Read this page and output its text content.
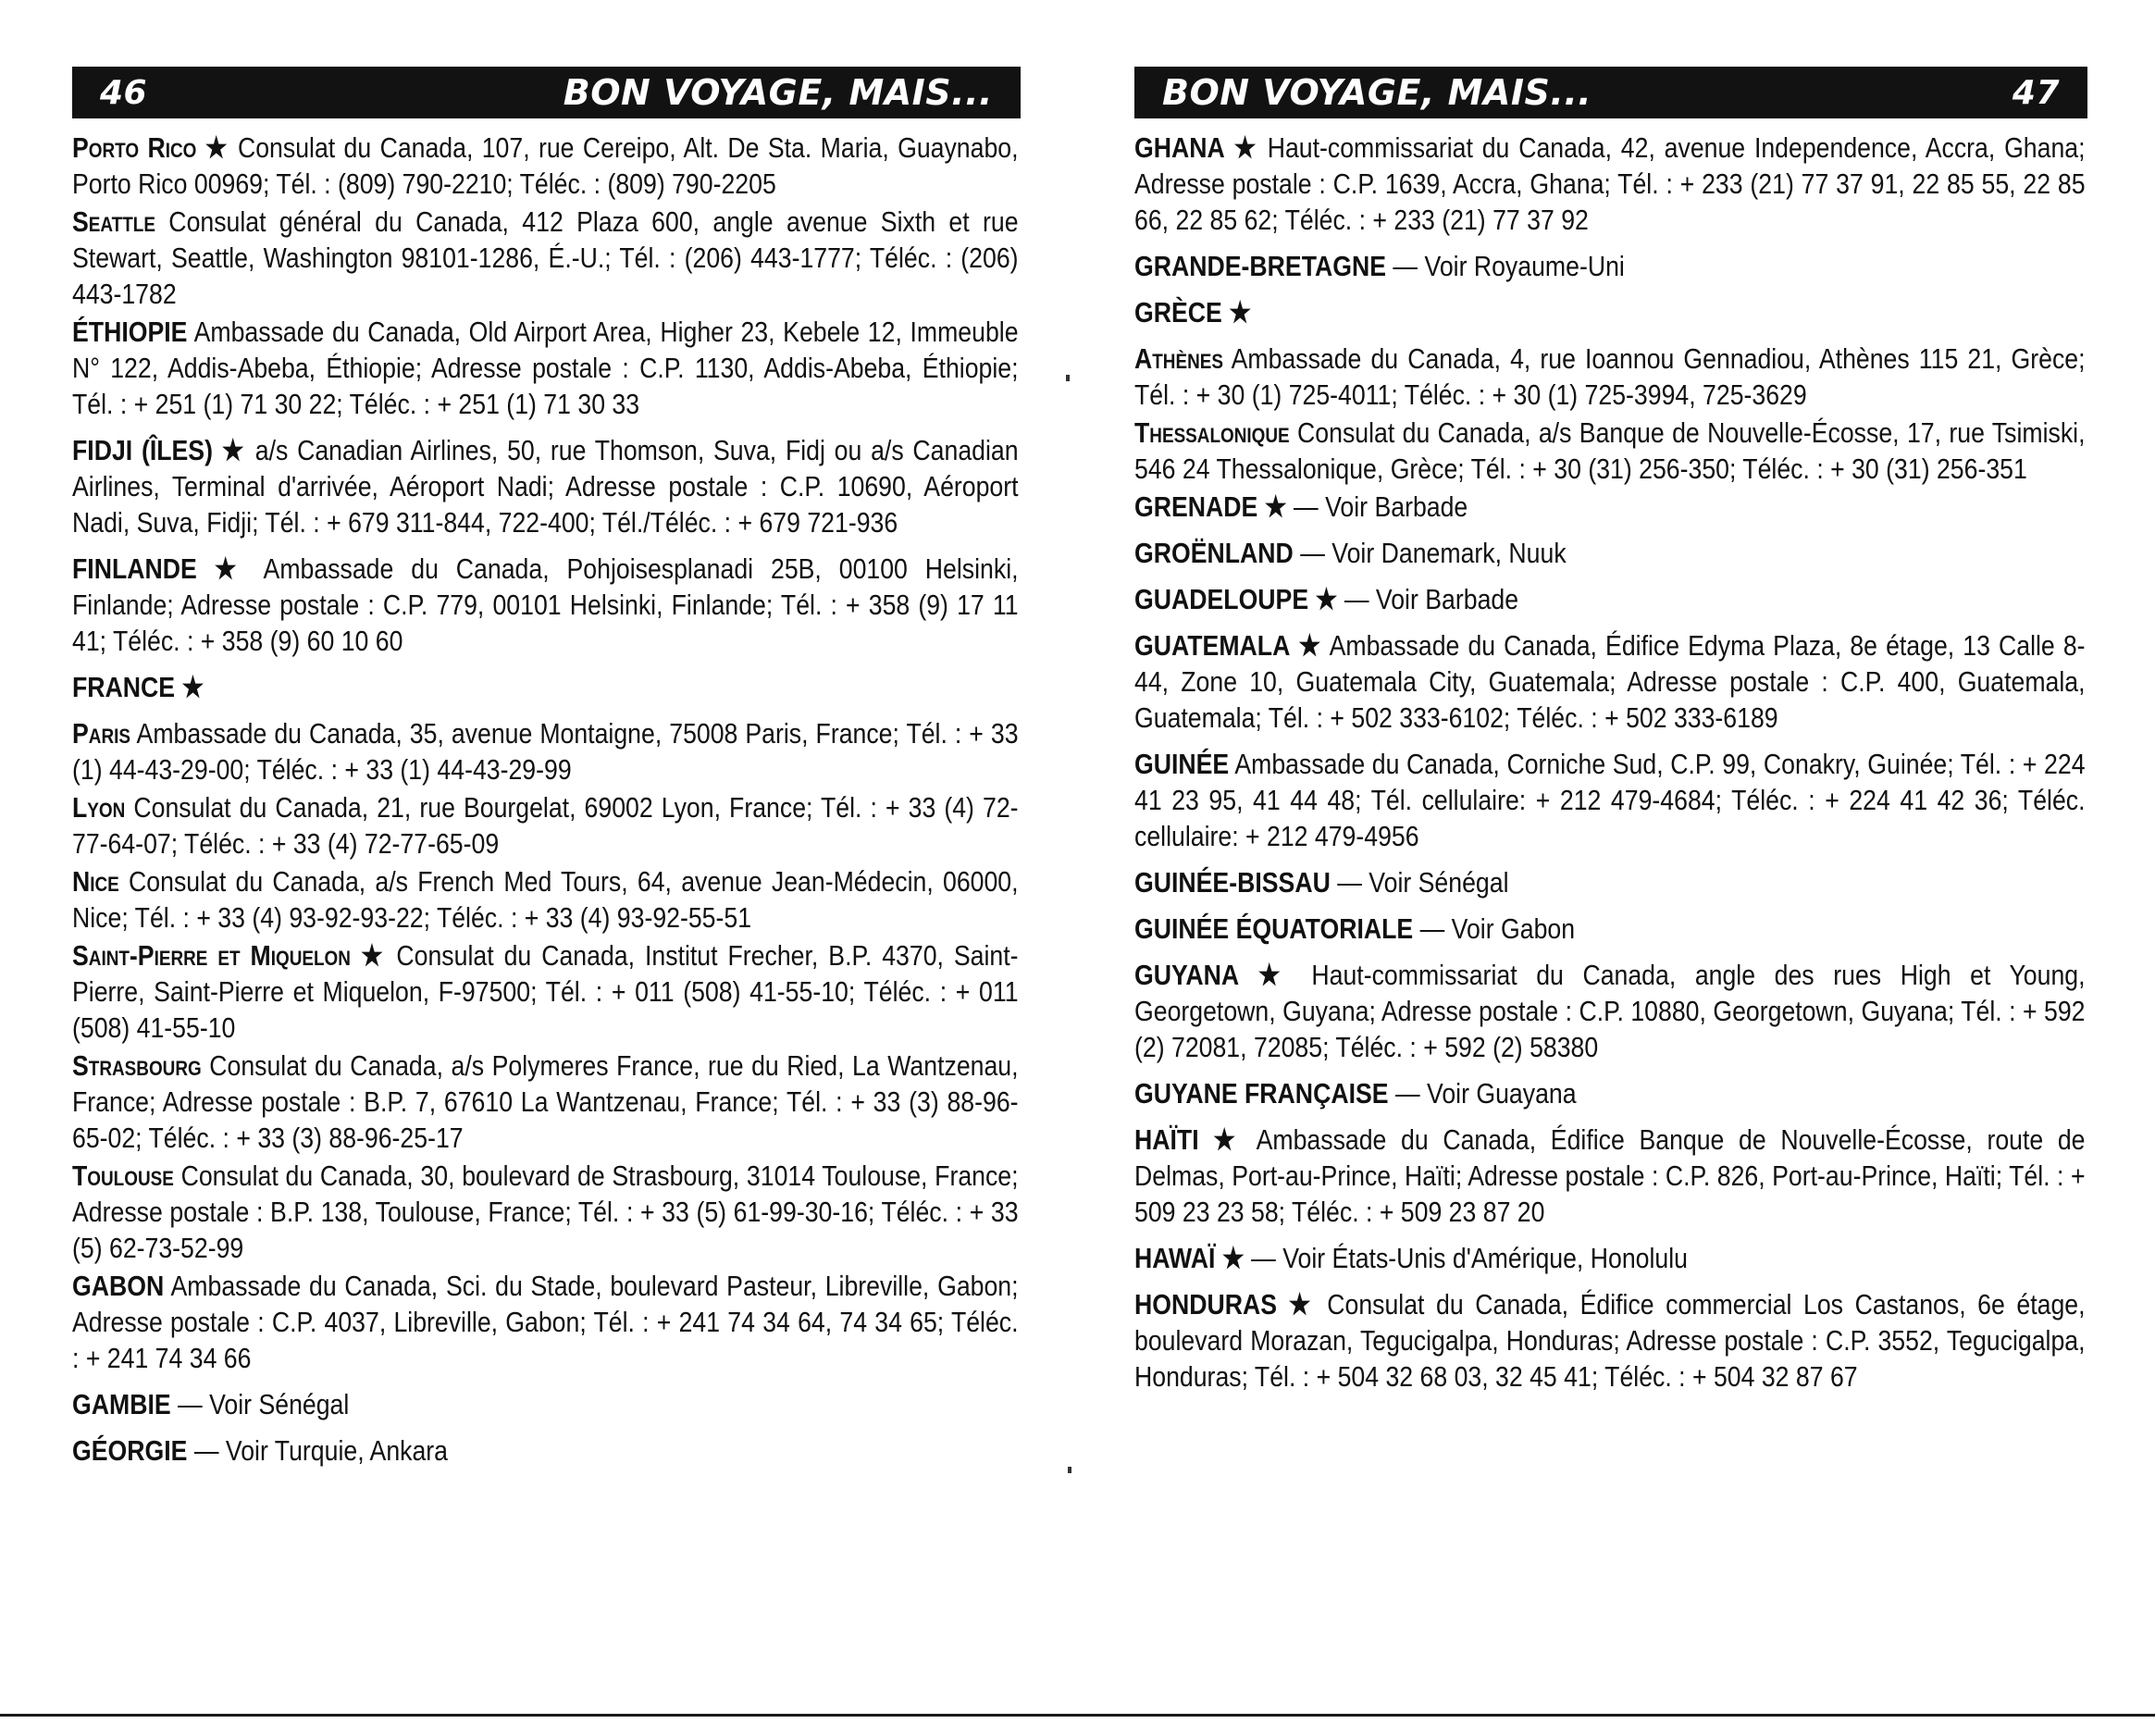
46	BON VOYAGE, MAIS...
Porto Rico ★ Consulat du Canada, 107, rue Cereipo, Alt. De Sta. Maria, Guaynabo, Porto Rico 00969; Tél. : (809) 790-2210; Téléc. : (809) 790-2205
Seattle Consulat général du Canada, 412 Plaza 600, angle avenue Sixth et rue Stewart, Seattle, Washington 98101-1286, É.-U.; Tél. : (206) 443-1777; Téléc. : (206) 443-1782
ÉTHIOPIE Ambassade du Canada, Old Airport Area, Higher 23, Kebele 12, Immeuble N° 122, Addis-Abeba, Éthiopie; Adresse postale : C.P. 1130, Addis-Abeba, Éthiopie; Tél. : + 251 (1) 71 30 22; Téléc. : + 251 (1) 71 30 33
FIDJI (ÎLES) ★ a/s Canadian Airlines, 50, rue Thomson, Suva, Fidj ou a/s Canadian Airlines, Terminal d'arrivée, Aéroport Nadi; Adresse postale : C.P. 10690, Aéroport Nadi, Suva, Fidji; Tél. : + 679 311-844, 722-400; Tél./Téléc. : + 679 721-936
FINLANDE ★ Ambassade du Canada, Pohjoisesplanadi 25B, 00100 Helsinki, Finlande; Adresse postale : C.P. 779, 00101 Helsinki, Finlande; Tél. : + 358 (9) 17 11 41; Téléc. : + 358 (9) 60 10 60
FRANCE ★
Paris Ambassade du Canada, 35, avenue Montaigne, 75008 Paris, France; Tél. : + 33 (1) 44-43-29-00; Téléc. : + 33 (1) 44-43-29-99
Lyon Consulat du Canada, 21, rue Bourgelat, 69002 Lyon, France; Tél. : + 33 (4) 72-77-64-07; Téléc. : + 33 (4) 72-77-65-09
Nice Consulat du Canada, a/s French Med Tours, 64, avenue Jean-Médecin, 06000, Nice; Tél. : + 33 (4) 93-92-93-22; Téléc. : + 33 (4) 93-92-55-51
Saint-Pierre et Miquelon ★ Consulat du Canada, Institut Frecher, B.P. 4370, Saint-Pierre, Saint-Pierre et Miquelon, F-97500; Tél. : + 011 (508) 41-55-10; Téléc. : + 011 (508) 41-55-10
Strasbourg Consulat du Canada, a/s Polymeres France, rue du Ried, La Wantzenau, France; Adresse postale : B.P. 7, 67610 La Wantzenau, France; Tél. : + 33 (3) 88-96-65-02; Téléc. : + 33 (3) 88-96-25-17
Toulouse Consulat du Canada, 30, boulevard de Strasbourg, 31014 Toulouse, France; Adresse postale : B.P. 138, Toulouse, France; Tél. : + 33 (5) 61-99-30-16; Téléc. : + 33 (5) 62-73-52-99
GABON Ambassade du Canada, Sci. du Stade, boulevard Pasteur, Libreville, Gabon; Adresse postale : C.P. 4037, Libreville, Gabon; Tél. : + 241 74 34 64, 74 34 65; Téléc. : + 241 74 34 66
GAMBIE — Voir Sénégal
GÉORGIE — Voir Turquie, Ankara
BON VOYAGE, MAIS...	47
GHANA ★ Haut-commissariat du Canada, 42, avenue Independence, Accra, Ghana; Adresse postale : C.P. 1639, Accra, Ghana; Tél. : + 233 (21) 77 37 91, 22 85 55, 22 85 66, 22 85 62; Téléc. : + 233 (21) 77 37 92
GRANDE-BRETAGNE — Voir Royaume-Uni
GRÈCE ★
Athènes Ambassade du Canada, 4, rue Ioannou Gennadiou, Athènes 115 21, Grèce; Tél. : + 30 (1) 725-4011; Téléc. : + 30 (1) 725-3994, 725-3629
Thessalonique Consulat du Canada, a/s Banque de Nouvelle-Écosse, 17, rue Tsimiski, 546 24 Thessalonique, Grèce; Tél. : + 30 (31) 256-350; Téléc. : + 30 (31) 256-351
GRENADE ★ — Voir Barbade
GROËNLAND — Voir Danemark, Nuuk
GUADELOUPE ★ — Voir Barbade
GUATEMALA ★ Ambassade du Canada, Édifice Edyma Plaza, 8e étage, 13 Calle 8-44, Zone 10, Guatemala City, Guatemala; Adresse postale : C.P. 400, Guatemala, Guatemala; Tél. : + 502 333-6102; Téléc. : + 502 333-6189
GUINÉE Ambassade du Canada, Corniche Sud, C.P. 99, Conakry, Guinée; Tél. : + 224 41 23 95, 41 44 48; Tél. cellulaire: + 212 479-4684; Téléc. : + 224 41 42 36; Téléc. cellulaire: + 212 479-4956
GUINÉE-BISSAU — Voir Sénégal
GUINÉE ÉQUATORIALE — Voir Gabon
GUYANA ★ Haut-commissariat du Canada, angle des rues High et Young, Georgetown, Guyana; Adresse postale : C.P. 10880, Georgetown, Guyana; Tél. : + 592 (2) 72081, 72085; Téléc. : + 592 (2) 58380
GUYANE FRANÇAISE — Voir Guayana
HAÏTI ★ Ambassade du Canada, Édifice Banque de Nouvelle-Écosse, route de Delmas, Port-au-Prince, Haïti; Adresse postale : C.P. 826, Port-au-Prince, Haïti; Tél. : + 509 23 23 58; Téléc. : + 509 23 87 20
HAWAÏ ★ — Voir États-Unis d'Amérique, Honolulu
HONDURAS ★ Consulat du Canada, Édifice commercial Los Castanos, 6e étage, boulevard Morazan, Tegucigalpa, Honduras; Adresse postale : C.P. 3552, Tegucigalpa, Honduras; Tél. : + 504 32 68 03, 32 45 41; Téléc. : + 504 32 87 67
